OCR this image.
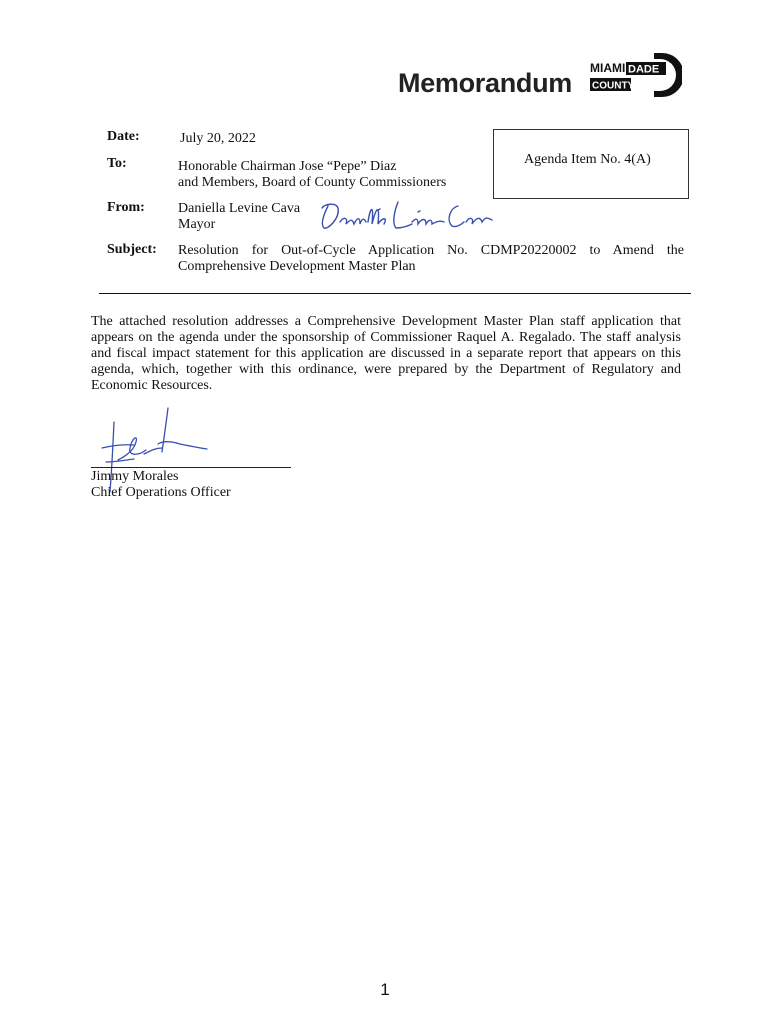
Memorandum MIAMI DADE
COUNTY
Date:	July 20, 2022
To:	Honorable Chairman Jose “Pepe” Diaz
and Members, Board of County Commissioners
Agenda Item No. 4(A)
From: Daniella Levine Cava
Mayor
Subject: Resolution for Out-of-Cycle Application No. CDMP20220002 to Amend the
Comprehensive Development Master Plan
The attached resolution addresses a Comprehensive Development Master Plan staff application that appears on the agenda under the sponsorship of Commissioner Raquel A. Regalado. The staff analysis and fiscal impact statement for this application are discussed in a separate report that appears on this agenda, which, together with this ordinance, were prepared by the Department of Regulatory and Economic Resources.
Jimmy Morales
Chief Operations Officer
1
